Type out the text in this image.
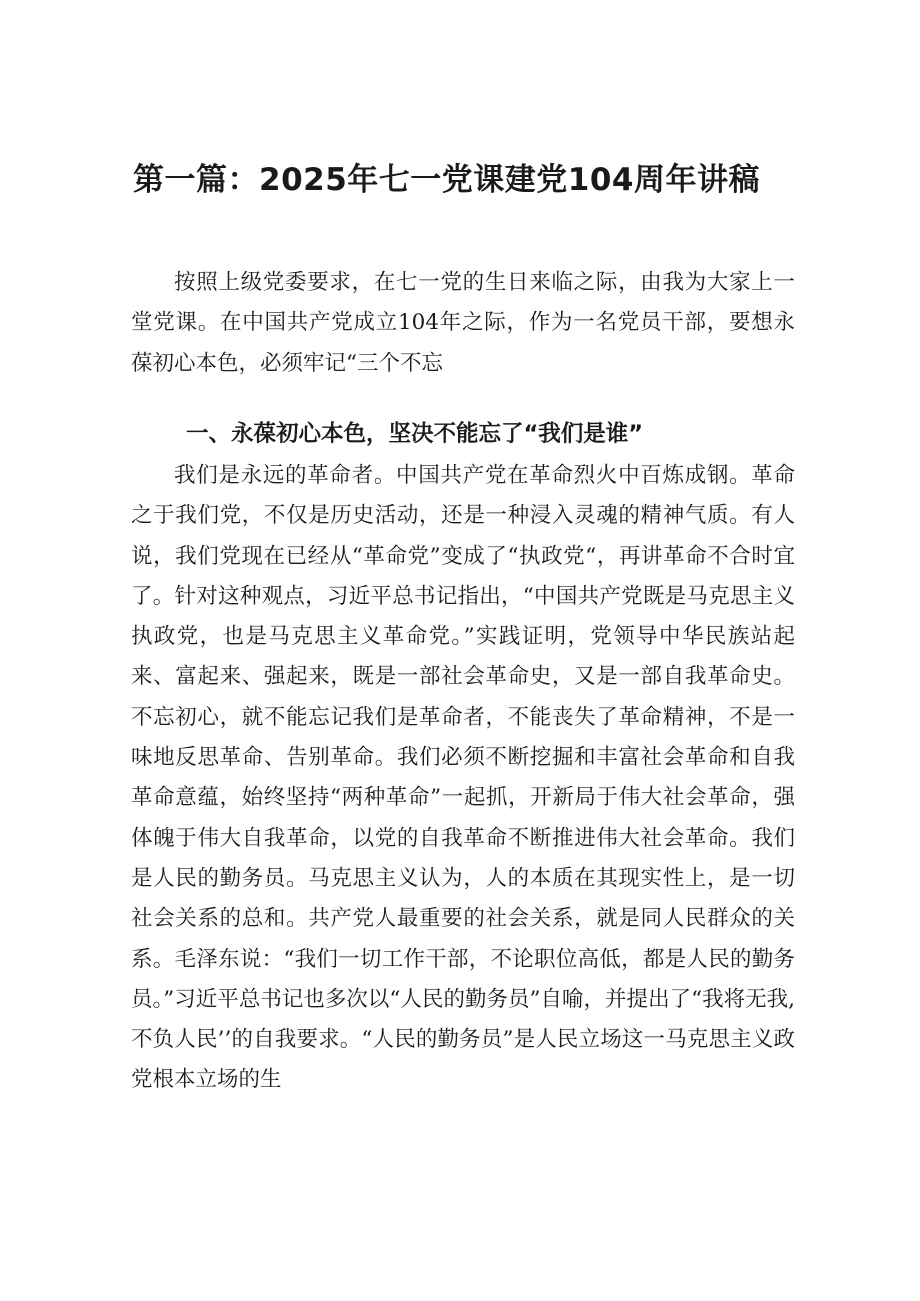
第一篇：2025年七一党课建党104周年讲稿

按照上级党委要求，在七一党的生日来临之际，由我为大家上一堂党课。在中国共产党成立104年之际，作为一名党员干部，要想永葆初心本色，必须牢记“三个不忘

一、永葆初心本色，坚决不能忘了“我们是谁”

我们是永远的革命者。中国共产党在革命烈火中百炼成钢。革命之于我们党，不仅是历史活动，还是一种浸入灵魂的精神气质。有人说，我们党现在已经从“革命党”变成了“执政党“，再讲革命不合时宜了。针对这种观点，习近平总书记指出，“中国共产党既是马克思主义执政党，也是马克思主义革命党。”实践证明，党领导中华民族站起来、富起来、强起来，既是一部社会革命史，又是一部自我革命史。不忘初心，就不能忘记我们是革命者，不能丧失了革命精神，不是一味地反思革命、告别革命。我们必须不断挖掘和丰富社会革命和自我革命意蕴，始终坚持“两种革命”一起抓，开新局于伟大社会革命，强体魄于伟大自我革命，以党的自我革命不断推进伟大社会革命。我们是人民的勤务员。马克思主义认为，人的本质在其现实性上，是一切社会关系的总和。共产党人最重要的社会关系，就是同人民群众的关系。毛泽东说：“我们一切工作干部，不论职位高低，都是人民的勤务员。”习近平总书记也多次以“人民的勤务员”自喻，并提出了“我将无我,不负人民’’的自我要求。“人民的勤务员”是人民立场这一马克思主义政党根本立场的生
